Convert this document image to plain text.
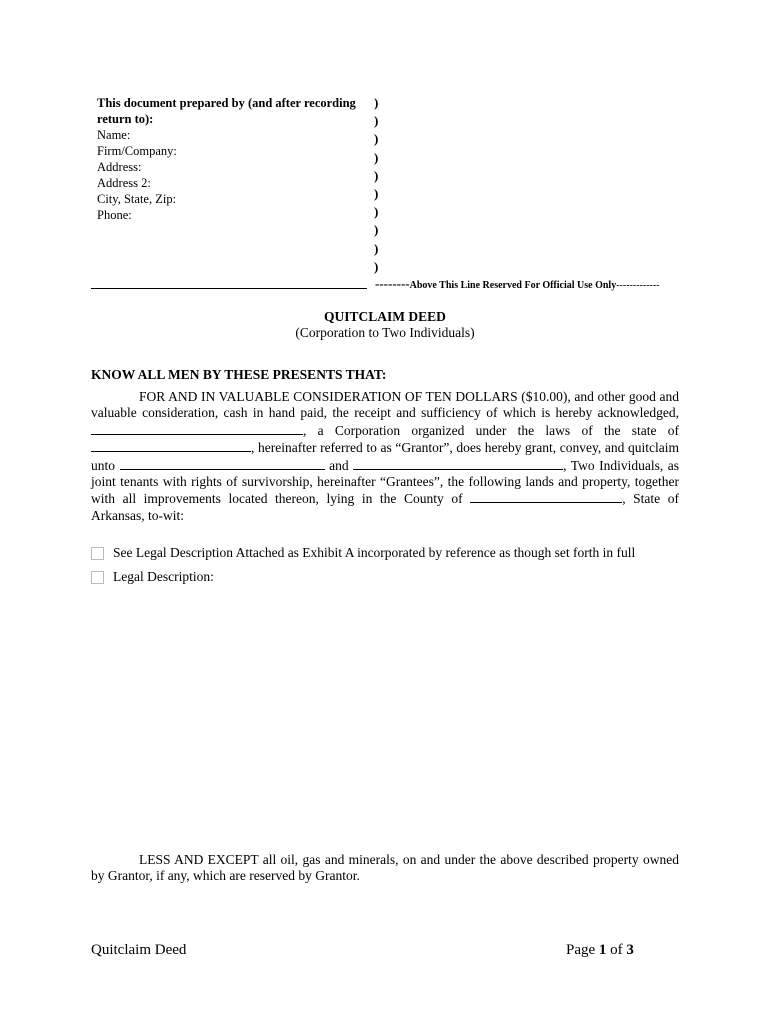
This document prepared by (and after recording return to):
Name:
Firm/Company:
Address:
Address 2:
City, State, Zip:
Phone:
)
)
)
)
)
)
)
)
)
)
--------Above This Line Reserved For Official Use Only-------------
QUITCLAIM DEED
(Corporation to Two Individuals)
KNOW ALL MEN BY THESE PRESENTS THAT:
FOR AND IN VALUABLE CONSIDERATION OF TEN DOLLARS ($10.00), and other good and valuable consideration, cash in hand paid, the receipt and sufficiency of which is hereby acknowledged, , a Corporation organized under the laws of the state of , hereinafter referred to as “Grantor”, does hereby grant, convey, and quitclaim unto	and	, Two Individuals, as joint tenants with rights of survivorship, hereinafter “Grantees”, the following lands and property, together with all improvements located thereon, lying in the County of	, State of Arkansas, to-wit:
See Legal Description Attached as Exhibit A incorporated by reference as though set forth in full
Legal Description:
LESS AND EXCEPT all oil, gas and minerals, on and under the above described property owned by Grantor, if any, which are reserved by Grantor.
Quitclaim Deed	Page 1 of 3
